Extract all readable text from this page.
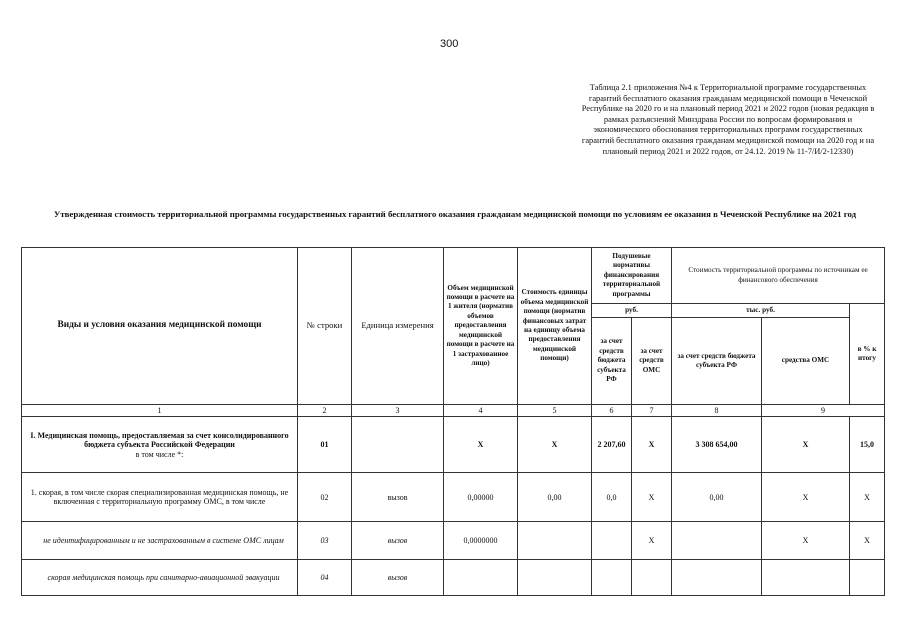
300
Таблица 2.1 приложения №4 к Территориальной программе государственных гарантий бесплатного оказания гражданам медицинской помощи в Чеченской Республике на 2020 го и на плановый период 2021 и 2022 годов (новая редакция в рамках разъяснений Минздрава России по вопросам формирования и экономического обоснования территориальных программ государственных гарантий бесплатного оказания гражданам медицинской помощи на 2020 год и на плановый период 2021 и 2022 годов, от 24.12. 2019 № 11-7/И/2-12330)
Утвержденная стоимость территориальной программы государственных гарантий бесплатного оказания гражданам медицинской помощи по условиям ее оказания в Чеченской Республике на 2021 год
Виды и условия оказания медицинской помощи	№ строки	Единица измерения	Объем медицинской помощи в расчете на 1 жителя (норматив объемов предоставления медицинской помощи в расчете на 1 застрахованное лицо)	Стоимость единицы объема медицинской помощи (норматив финансовых затрат на единицу объема предоставления медицинской помощи)	Подушевые нормативы финансирования территориальной программы		Стоимость территориальной программы по источникам ее финансового обеспечения		
					руб.		тыс. руб.		в % к итогу
					за счет средств бюджета субъекта РФ	за счет средств ОМС	за счет средств бюджета субъекта РФ	средства ОМС	
1	2	3	4	5	6	7	8	9	

I. Медицинская помощь, предоставляемая за счет консолидированного бюджета субъекта Российской Федерации
в том числе *:	01		X	X	2 207,60	X	3 308 654,00	X	15,0
1. скорая, в том числе скорая специализированная медицинская помощь, не включенная с территориальную программу ОМС, в том числе	02	вызов	0,00000	0,00	0,0	X	0,00	X	X
не идентифицированным и не застрахованным в системе ОМС лицам	03	вызов	0,0000000			X		X	X
скорая медицинская помощь при санитарно-авиационной эвакуации	04	вызов							
